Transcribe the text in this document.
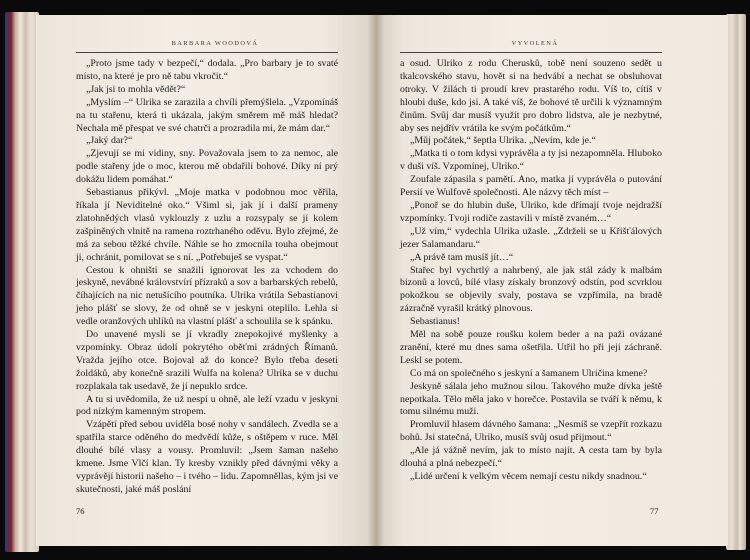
BARBARA WOODOVÁ

„Proto jsme tady v bezpečí,“ dodala. „Pro barbary je to svaté místo, na které je pro ně tabu vkročit.“

„Jak jsi to mohla vědět?“

„Myslím –“ Ulrika se zarazila a chvíli přemýšlela. „Vzpomínáš na tu stařenu, která ti ukázala, jakým směrem mě máš hledat? Nechala mě přespat ve své chatrči a prozradila mi, že mám dar.“

„Jaký dar?“

„Zjevují se mi vidiny, sny. Považovala jsem to za nemoc, ale podle stařeny jde o moc, kterou mě obdařili bohové. Díky ní prý dokážu lidem pomáhat.“

Sebastianus přikývl. „Moje matka v podobnou moc věřila, říkala jí Neviditelné oko.“ Všiml si, jak jí i další prameny zlatohnědých vlasů vyklouzly z uzlu a rozsypaly se jí kolem zašpiněných vlnitě na ramena roztrhaného oděvu. Bylo zřejmé, že má za sebou těžké chvíle. Náhle se ho zmocnila touha obejmout ji, ochránit, pomilovat se s ní. „Potřebuješ se vyspat.“

Cestou k ohništi se snažili ignorovat les za vchodem do jeskyně, nevábné královstvírí přízraků a sov a barbarských rebelů, číhajících na nic netušícího poutníka. Ulrika vrátila Sebastianovi jeho plášť se slovy, že od ohně se v jeskyni oteplilo. Lehla si vedle oranžových uhlíků na vlastní plášť a schoulila se k spánku.

Do unavené mysli se jí vkradly znepokojivé myšlenky a vzpomínky. Obraz údolí pokrytého oběťmi zrádných Římanů. Vražda jejího otce. Bojoval až do konce? Bylo třeba deseti žoldáků, aby konečně srazili Wulfa na kolena? Ulrika se v duchu rozplakala tak usedavě, že jí nepuklo srdce.

A tu si uvědomila, že už nespí u ohně, ale leží vzadu v jeskyni pod nízkým kamenným stropem.

Vzápětí před sebou uviděla bosé nohy v sandálech. Zvedla se a spatřila starce oděného do medvědí kůže, s oštěpem v ruce. Měl dlouhé bílé vlasy a vousy. Promluvil: „Jsem šaman našeho kmene. Jsme Vlčí klan. Ty kresby vznikly před dávnými věky a vyprávějí historii našeho – i tvého – lidu. Zapomněllas, kým jsi ve skutečnosti, jaké máš poslání

76
VYVOLENÁ

a osud. Ulriko z rodu Cherusků, tobě není souzeno sedět u tkalcovského stavu, hovět si na hedvábí a nechat se obsluhovat otroky. V žilách ti proudí krev prastarého rodu. Víš to, cítíš v hloubi duše, kdo jsi. A také víš, že bohové tě určili k významným činům. Svůj dar musíš využít pro dobro lidstva, ale je nezbytné, aby ses nejdřív vrátila ke svým počátkům.“

„Můj počátek,“ šeptla Ulrika. „Nevím, kde je.“

„Matka ti o tom kdysi vyprávěla a ty jsi nezapomněla. Hluboko v duši víš. Vzpomínej, Ulriko.“

Zoufale zápasila s pamětí. Ano, matka jí vyprávěla o putování Persií ve Wulfově společnosti. Ale názvy těch míst –

„Ponoř se do hlubin duše, Ulriko, kde dřímají tvoje nejdražší vzpomínky. Tvoji rodiče zastavili v místě zvaném…“

„Už vím,“ vydechla Ulrika užasle. „Zdrželi se u Křišťálových jezer Salamandaru.“

„A právě tam musíš jít…“

Stařec byl vychrtlý a nahrbený, ale jak stál zády k malbám bizonů a lovců, bílé vlasy získaly bronzový odstín, pod scvrklou pokožkou se objevily svaly, postava se vzpřímila, na bradě zázračně vyrašil krátký plnovous.

Sebastianus!

Měl na sobě pouze roušku kolem beder a na paži ovázané zranění, které mu dnes sama ošetřila. Utřil ho při její záchraně. Leskl se potem.

Co má on společného s jeskyní a šamanem Ulričina kmene?

Jeskyně sálala jeho mužnou silou. Takového muže dívka ještě nepotkala. Tělo měla jako v horečce. Postavila se tváří k němu, k tomu silnému muži.

Promluvil hlasem dávného šamana: „Nesmíš se vzepřít rozkazu bohů. Jsi statečná, Ulriko, musíš svůj osud přijmout.“

„Ale já vážně nevím, jak to místo najít. A cesta tam by byla dlouhá a plná nebezpečí.“

„Lidé určení k velkým věcem nemají cestu nikdy snadnou.“

77
